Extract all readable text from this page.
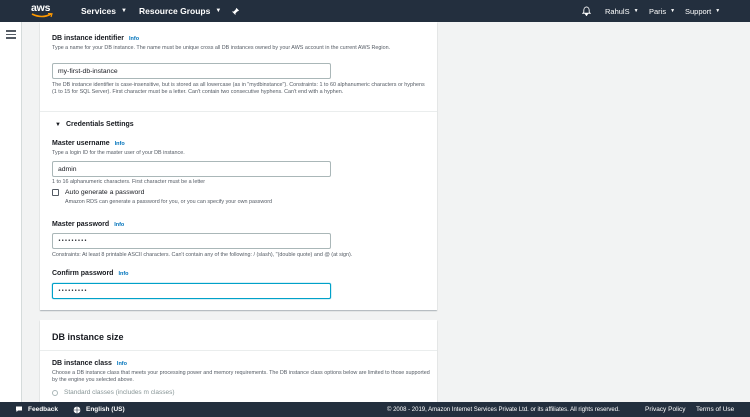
aws	Services ▼ Resource Groups ▼	RahulS ▼ Paris ▼ Support ▼
DB instance identifier Info
Type a name for your DB instance. The name must be unique cross all DB instances owned by your AWS account in the current AWS Region.
my-first-db-instance
The DB instance identifier is case-insensitive, but is stored as all lowercase (as in "mydbinstance"). Constraints: 1 to 60 alphanumeric characters or hyphens (1 to 15 for SQL Server). First character must be a letter. Can't contain two consecutive hyphens. Can't end with a hyphen.
▼ Credentials Settings
Master username Info
Type a login ID for the master user of your DB instance.
admin
1 to 16 alphanumeric characters. First character must be a letter
Auto generate a password
Amazon RDS can generate a password for you, or you can specify your own password
Master password Info
•••••••••
Constraints: At least 8 printable ASCII characters. Can't contain any of the following: / (slash), "(double quote) and @ (at sign).
Confirm password Info
•••••••••
DB instance size
DB instance class Info
Choose a DB instance class that meets your processing power and memory requirements. The DB instance class options below are limited to those supported by the engine you selected above.
Standard classes (includes m classes)
Feedback	English (US)	© 2008 - 2019, Amazon Internet Services Private Ltd. or its affiliates. All rights reserved.	Privacy Policy Terms of Use
